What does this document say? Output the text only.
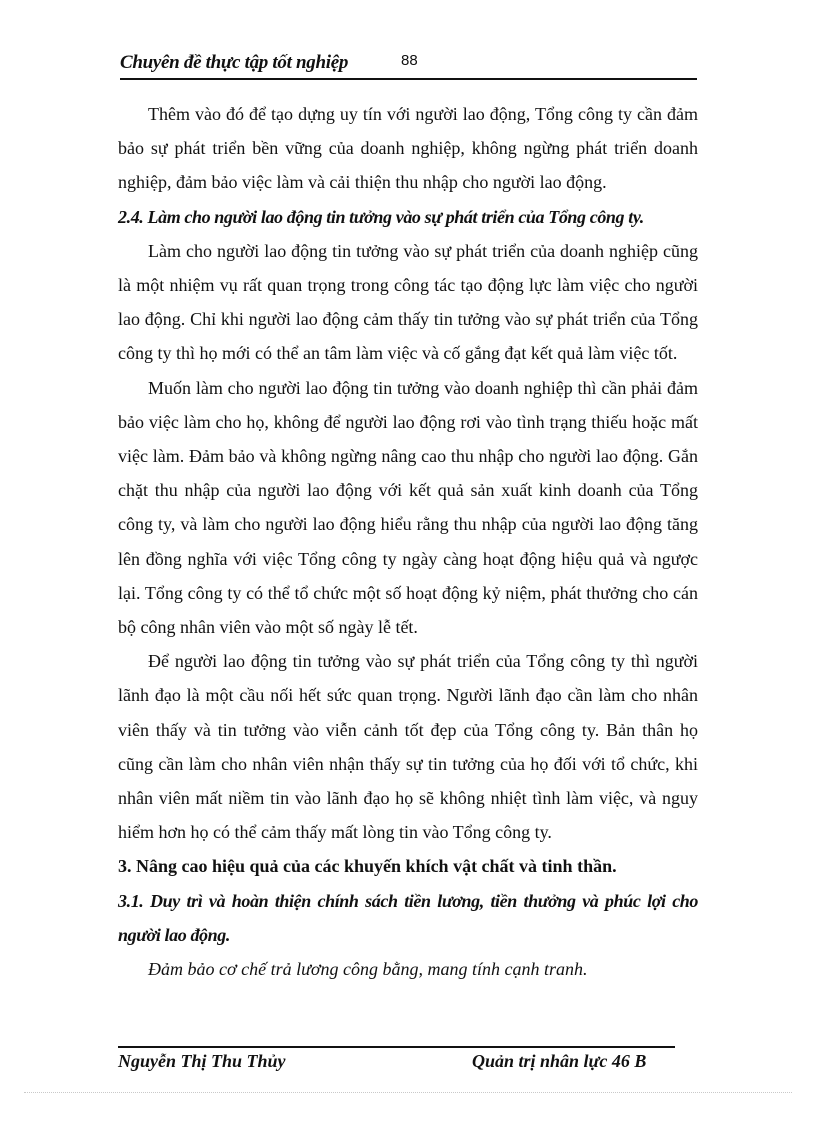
Chuyên đề thực tập tốt nghiệp	88

Thêm vào đó để tạo dựng uy tín với người lao động, Tổng công ty cần đảm bảo sự phát triển bền vững của doanh nghiệp, không ngừng phát triển doanh nghiệp, đảm bảo việc làm và cải thiện thu nhập cho người lao động.

2.4. Làm cho người lao động tin tưởng vào sự phát triển của Tổng công ty.

Làm cho người lao động tin tưởng vào sự phát triển của doanh nghiệp cũng là một nhiệm vụ rất quan trọng trong công tác tạo động lực làm việc cho người lao động. Chỉ khi người lao động cảm thấy tin tưởng vào sự phát triển của Tổng công ty thì họ mới có thể an tâm làm việc và cố gắng đạt kết quả làm việc tốt.

Muốn làm cho người lao động tin tưởng vào doanh nghiệp thì cần phải đảm bảo việc làm cho họ, không để người lao động rơi vào tình trạng thiếu hoặc mất việc làm. Đảm bảo và không ngừng nâng cao thu nhập cho người lao động. Gắn chặt thu nhập của người lao động với kết quả sản xuất kinh doanh của Tổng công ty, và làm cho người lao động hiểu rằng thu nhập của người lao động tăng lên đồng nghĩa với việc Tổng công ty ngày càng hoạt động hiệu quả và ngược lại. Tổng công ty có thể tổ chức một số hoạt động kỷ niệm, phát thưởng cho cán bộ công nhân viên vào một số ngày lễ tết.

Để người lao động tin tưởng vào sự phát triển của Tổng công ty thì người lãnh đạo là một cầu nối hết sức quan trọng. Người lãnh đạo cần làm cho nhân viên thấy và tin tưởng vào viễn cảnh tốt đẹp của Tổng công ty. Bản thân họ cũng cần làm cho nhân viên nhận thấy sự tin tưởng của họ đối với tổ chức, khi nhân viên mất niềm tin vào lãnh đạo họ sẽ không nhiệt tình làm việc, và nguy hiểm hơn họ có thể cảm thấy mất lòng tin vào Tổng công ty.

3. Nâng cao hiệu quả của các khuyến khích vật chất và tinh thần.
3.1. Duy trì và hoàn thiện chính sách tiền lương, tiền thưởng và phúc lợi cho người lao động.

Đảm bảo cơ chế trả lương công bằng, mang tính cạnh tranh.

Nguyễn Thị Thu Thủy	Quản trị nhân lực 46 B
